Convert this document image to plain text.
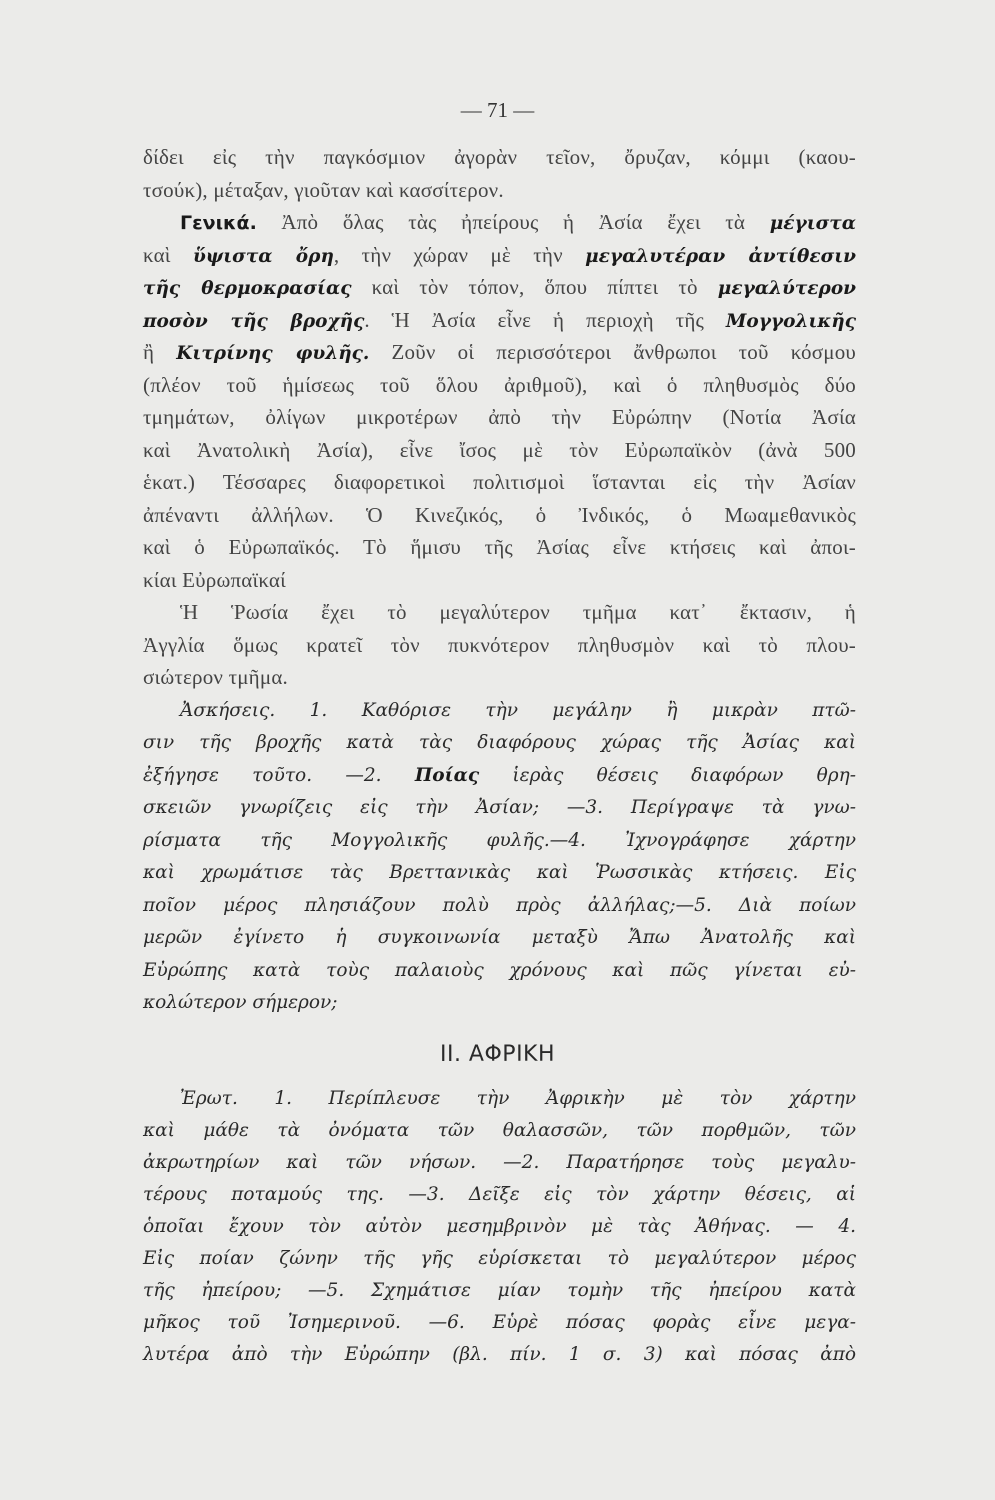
— 71 —
δίδει εἰς τὴν παγκόσμιον ἀγορὰν τεῖον, ὄρυζαν, κόμμι (καου-
τσούκ), μέταξαν, γιοῦταν καὶ κασσίτερον.
Γενικά. Ἀπὸ ὅλας τὰς ἠπείρους ἡ Ἀσία ἔχει τὰ μέγιστα
καὶ ὕψιστα ὄρη, τὴν χώραν μὲ τὴν μεγαλυτέραν ἀντίθεσιν
τῆς θερμοκρασίας καὶ τὸν τόπον, ὅπου πίπτει τὸ μεγαλύτερον
ποσὸν τῆς βροχῆς. Ἡ Ἀσία εἶνε ἡ περιοχὴ τῆς Μογγολικῆς
ἢ Κιτρίνης φυλῆς. Ζοῦν οἱ περισσότεροι ἄνθρωποι τοῦ κόσμου
(πλέον τοῦ ἡμίσεως τοῦ ὅλου ἀριθμοῦ), καὶ ὁ πληθυσμὸς δύο
τμημάτων, ὀλίγων μικροτέρων ἀπὸ τὴν Εὐρώπην (Νοτία Ἀσία
καὶ Ἀνατολικὴ Ἀσία), εἶνε ἴσος μὲ τὸν Εὐρωπαϊκὸν (ἀνὰ 500
ἑκατ.) Τέσσαρες διαφορετικοὶ πολιτισμοὶ ἵστανται εἰς τὴν Ἀσίαν
ἀπέναντι ἀλλήλων. Ὁ Κινεζικός, ὁ Ἰνδικός, ὁ Μωαμεθανικὸς
καὶ ὁ Εὐρωπαϊκός. Τὸ ἥμισυ τῆς Ἀσίας εἶνε κτήσεις καὶ ἀποι-
κίαι Εὐρωπαϊκαί
Ἡ Ῥωσία ἔχει τὸ μεγαλύτερον τμῆμα κατ᾽ ἔκτασιν, ἡ
Ἀγγλία ὅμως κρατεῖ τὸν πυκνότερον πληθυσμὸν καὶ τὸ πλου-
σιώτερον τμῆμα.
Ἀσκήσεις. 1. Καθόρισε τὴν μεγάλην ἢ μικρὰν πτῶ-
σιν τῆς βροχῆς κατὰ τὰς διαφόρους χώρας τῆς Ἀσίας καὶ
ἐξήγησε τοῦτο. —2. Ποίας ἱερὰς θέσεις διαφόρων θρη-
σκειῶν γνωρίζεις εἰς τὴν Ἀσίαν; —3. Περίγραψε τὰ γνω-
ρίσματα τῆς Μογγολικῆς φυλῆς.—4. Ἰχνογράφησε χάρτην
καὶ χρωμάτισε τὰς Βρεττανικὰς καὶ Ῥωσσικὰς κτήσεις. Εἰς
ποῖον μέρος πλησιάζουν πολὺ πρὸς ἀλλήλας;—5. Διὰ ποίων
μερῶν ἐγίνετο ἡ συγκοινωνία μεταξὺ Ἄπω Ἀνατολῆς καὶ
Εὐρώπης κατὰ τοὺς παλαιοὺς χρόνους καὶ πῶς γίνεται εὐ-
κολώτερον σήμερον;
II. ΑΦΡΙΚΗ
Ἐρωτ. 1. Περίπλευσε τὴν Ἀφρικὴν μὲ τὸν χάρτην
καὶ μάθε τὰ ὀνόματα τῶν θαλασσῶν, τῶν πορθμῶν, τῶν
ἀκρωτηρίων καὶ τῶν νήσων. —2. Παρατήρησε τοὺς μεγαλυ-
τέρους ποταμούς της. —3. Δεῖξε εἰς τὸν χάρτην θέσεις, αἱ
ὁποῖαι ἔχουν τὸν αὐτὸν μεσημβρινὸν μὲ τὰς Ἀθήνας. — 4.
Εἰς ποίαν ζώνην τῆς γῆς εὑρίσκεται τὸ μεγαλύτερον μέρος
τῆς ἠπείρου; —5. Σχημάτισε μίαν τομὴν τῆς ἠπείρου κατὰ
μῆκος τοῦ Ἰσημερινοῦ. —6. Εὑρὲ πόσας φορὰς εἶνε μεγα-
λυτέρα ἀπὸ τὴν Εὐρώπην (βλ. πίν. 1 σ. 3) καὶ πόσας ἀπὸ
